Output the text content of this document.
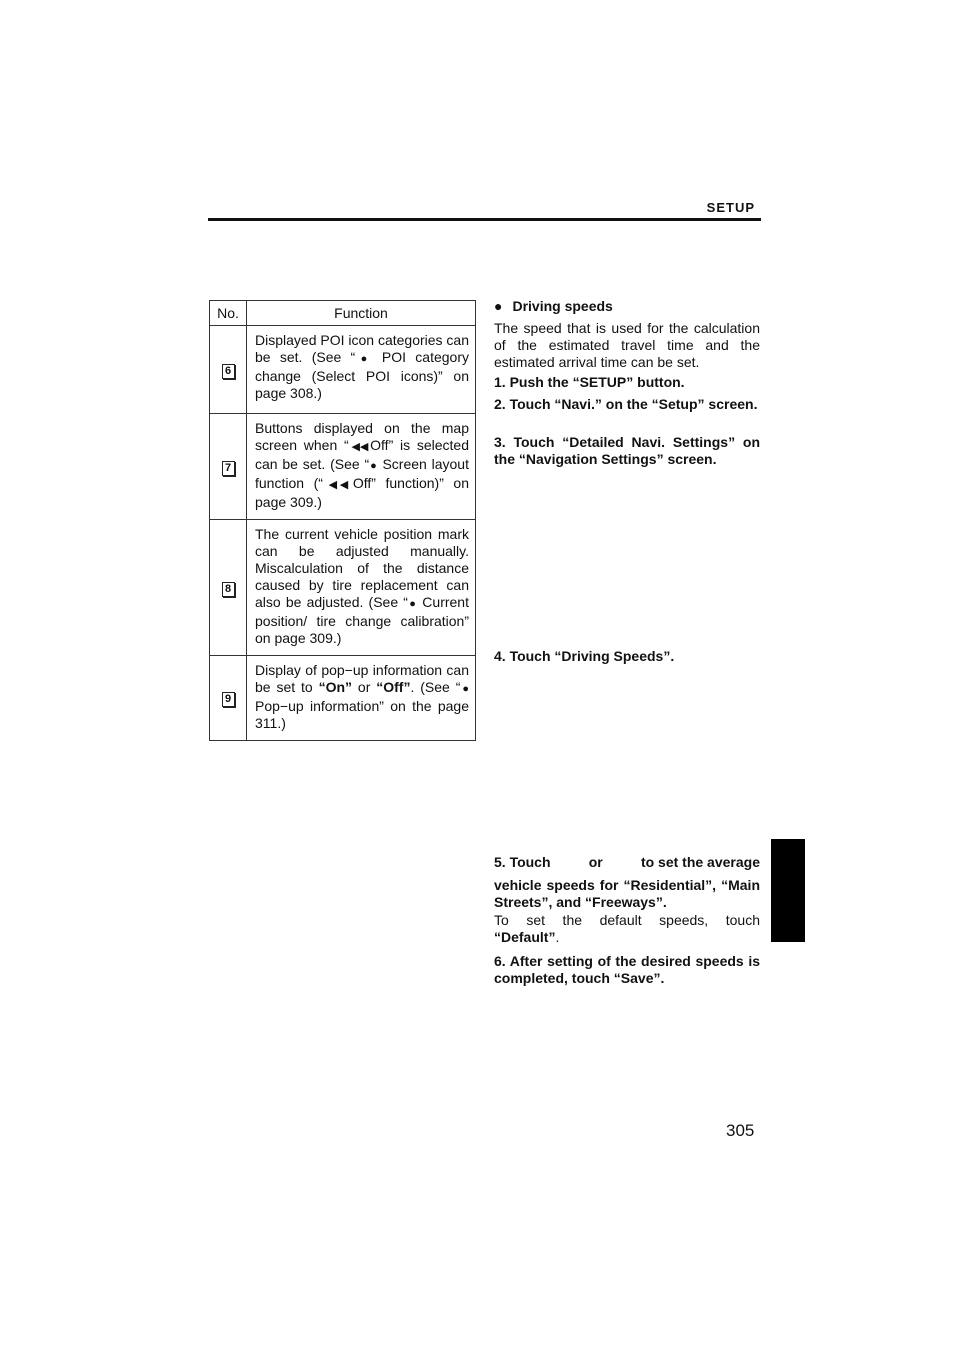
SETUP
No.	Function
6	Displayed POI icon categories can be set. (See “● POI category change (Select POI icons)” on page 308.)
7	Buttons displayed on the map screen when “◀◀ Off” is selected can be set. (See “● Screen layout function (“◀◀ Off” function)” on page 309.)
8	The current vehicle position mark can be adjusted manually. Miscalculation of the distance caused by tire replacement can also be adjusted. (See “● Current position/ tire change calibration” on page 309.)
9	Display of pop−up information can be set to “On” or “Off”. (See “● Pop−up information” on the page 311.)
● Driving speeds

The speed that is used for the calculation of the estimated travel time and the estimated arrival time can be set.

1. Push the “SETUP” button.

2. Touch “Navi.” on the “Setup” screen.

3. Touch “Detailed Navi. Settings” on the “Navigation Settings” screen.

4. Touch “Driving Speeds”.

5. Touch	or	to set the average

vehicle speeds for “Residential”, “Main Streets”, and “Freeways”.

To set the default speeds, touch “Default”.

6. After setting of the desired speeds is completed, touch “Save”.

305
